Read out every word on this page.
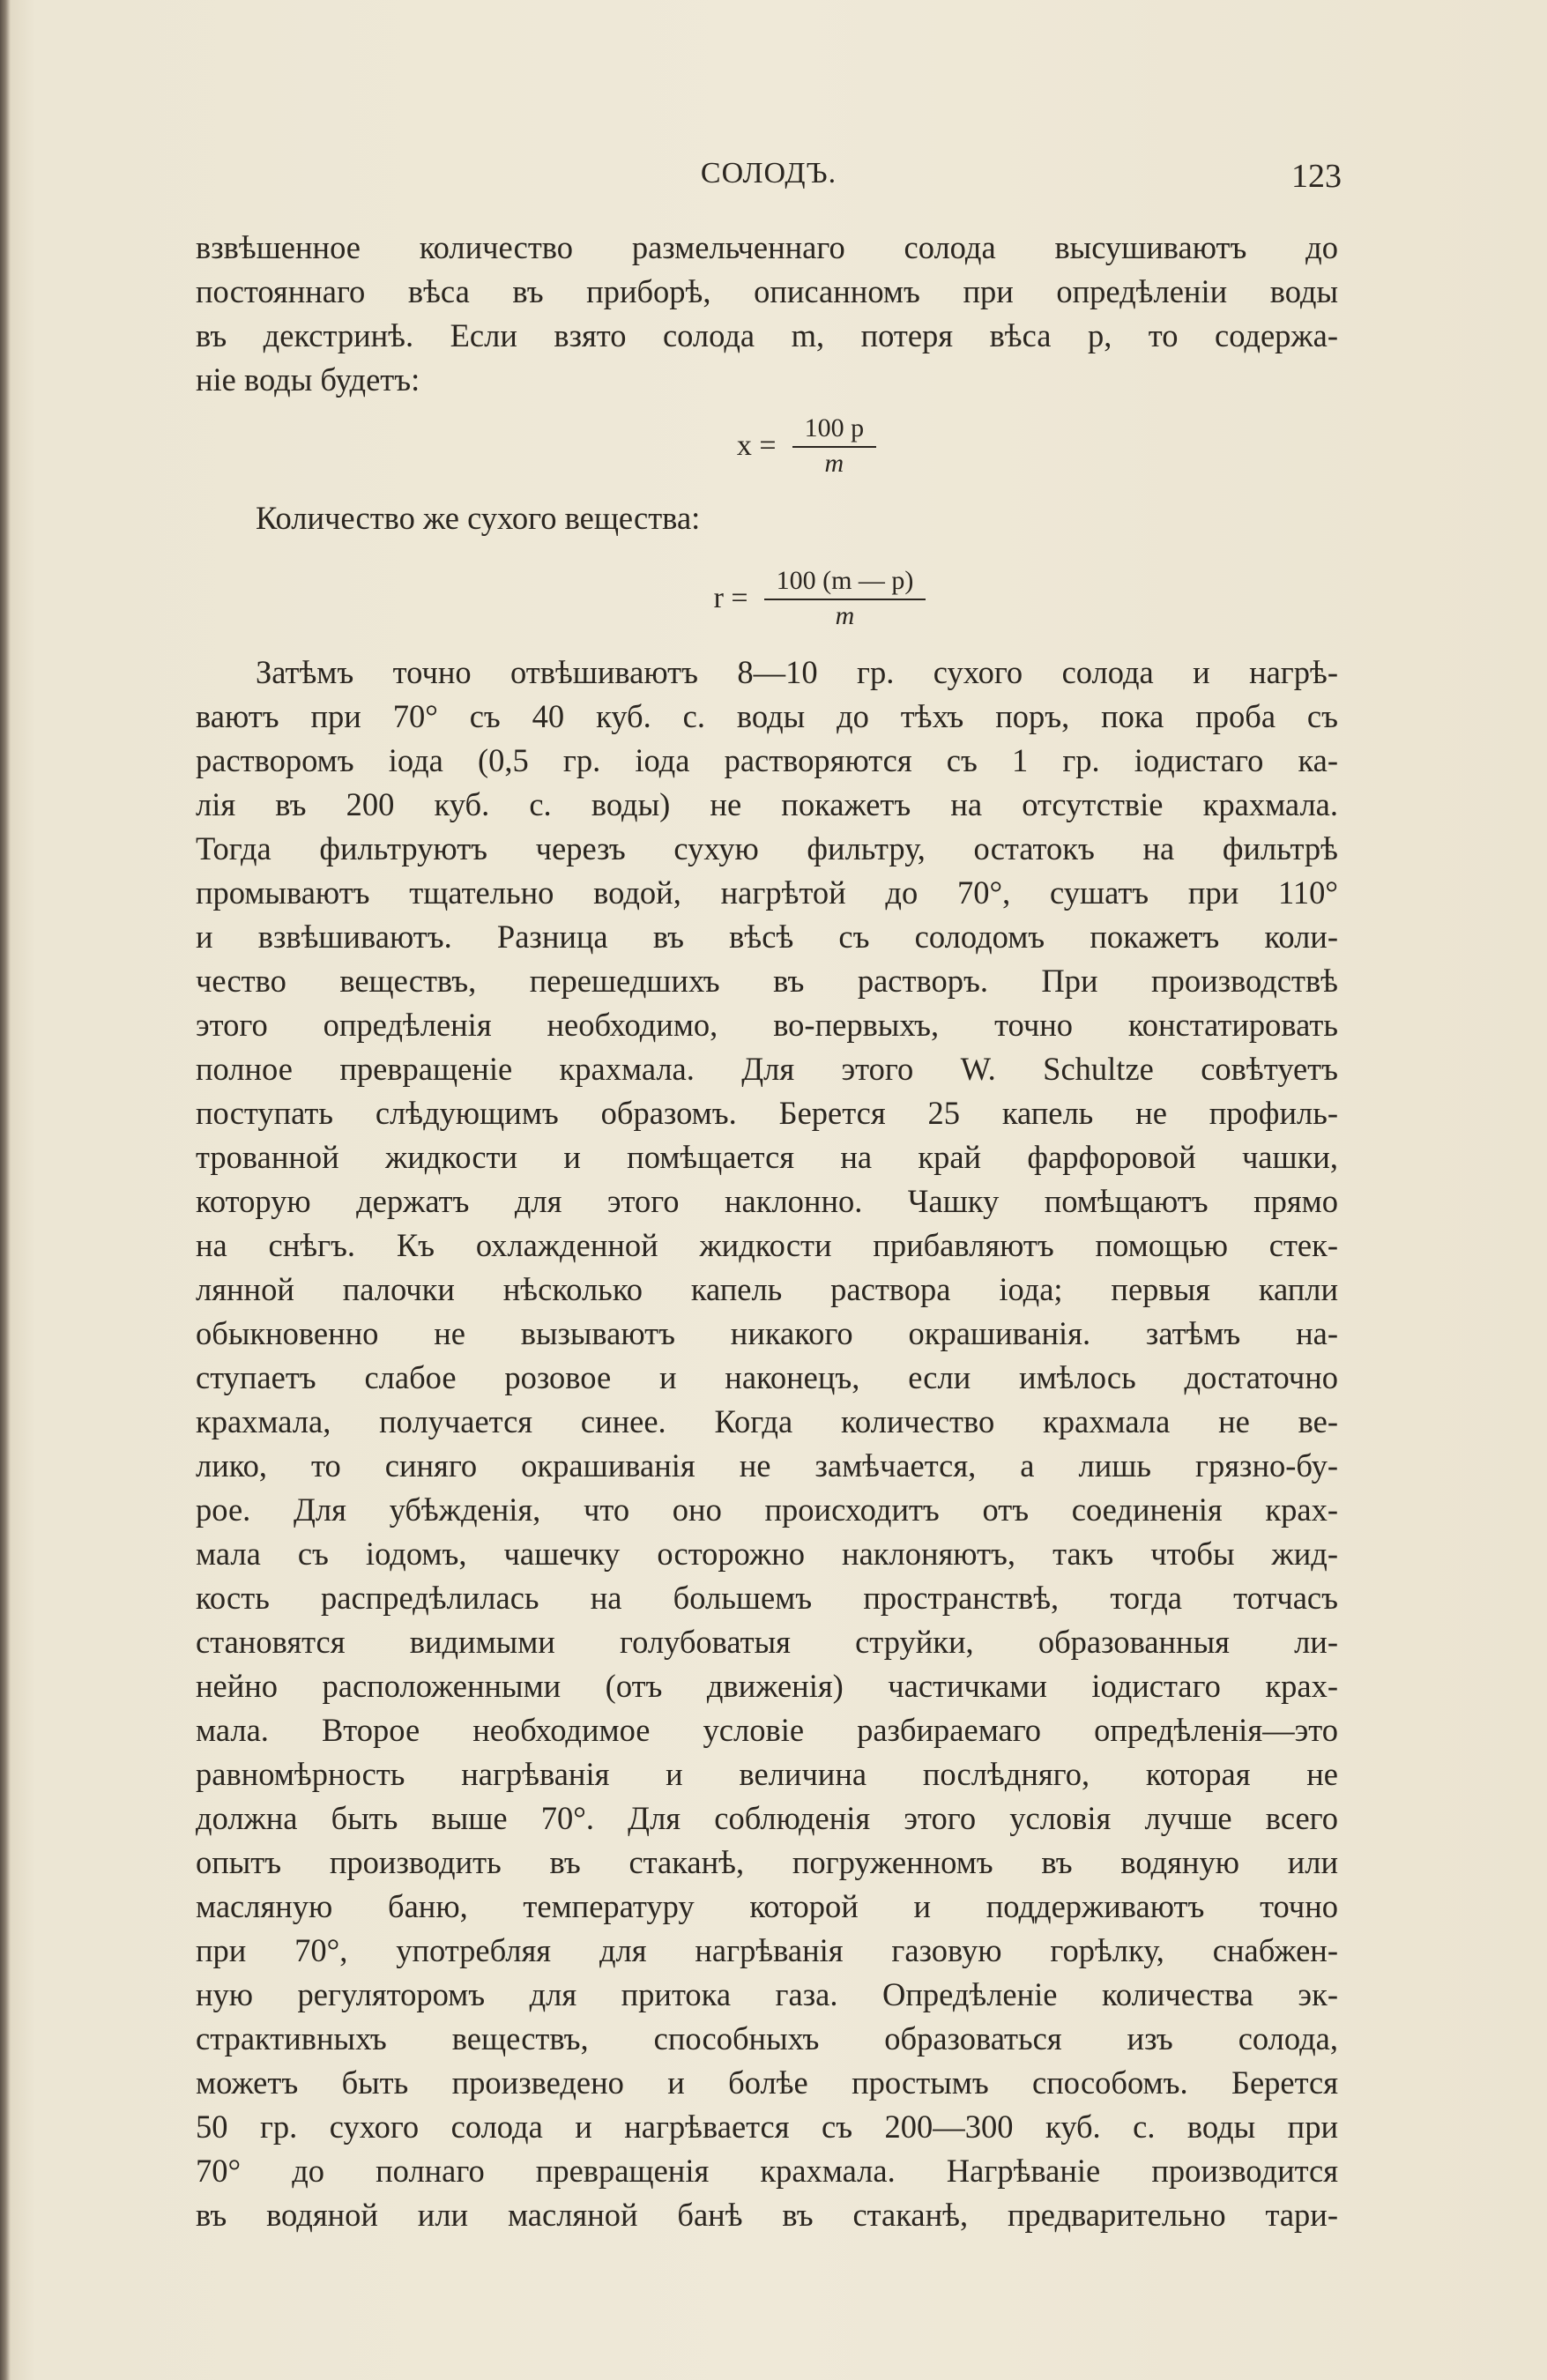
СОЛОДЪ.	123
взвѣшенное количество размельченнаго солода высушиваютъ до
постояннаго вѣса въ приборѣ, описанномъ при опредѣленіи воды
въ декстринѣ. Если взято солода m, потеря вѣса p, то содержа-
ніе воды будетъ:
$x = \frac{100 p}{m}$
Количество же сухого вещества:
$r = \frac{100 (m — p)}{m}$
Затѣмъ точно отвѣшиваютъ 8—10 гр. сухого солода и нагрѣ-
ваютъ при 70° съ 40 куб. с. воды до тѣхъ поръ, пока проба съ
растворомъ іода (0,5 гр. іода растворяются съ 1 гр. іодистаго ка-
лія въ 200 куб. с. воды) не покажетъ на отсутствіе крахмала.
Тогда фильтруютъ черезъ сухую фильтру, остатокъ на фильтрѣ
промываютъ тщательно водой, нагрѣтой до 70°, сушатъ при 110°
и взвѣшиваютъ. Разница въ вѣсѣ съ солодомъ покажетъ коли-
чество веществъ, перешедшихъ въ растворъ. При производствѣ
этого опредѣленія необходимо, во-первыхъ, точно констатировать
полное превращеніе крахмала. Для этого W. Schultze совѣтуетъ
поступать слѣдующимъ образомъ. Берется 25 капель не профиль-
трованной жидкости и помѣщается на край фарфоровой чашки,
которую держатъ для этого наклонно. Чашку помѣщаютъ прямо
на снѣгъ. Къ охлажденной жидкости прибавляютъ помощью стек-
лянной палочки нѣсколько капель раствора іода; первыя капли
обыкновенно не вызываютъ никакого окрашиванія. затѣмъ на-
ступаетъ слабое розовое и наконецъ, если имѣлось достаточно
крахмала, получается синее. Когда количество крахмала не ве-
лико, то синяго окрашиванія не замѣчается, а лишь грязно-бу-
рое. Для убѣжденія, что оно происходитъ отъ соединенія крах-
мала съ іодомъ, чашечку осторожно наклоняютъ, такъ чтобы жид-
кость распредѣлилась на большемъ пространствѣ, тогда тотчасъ
становятся видимыми голубоватыя струйки, образованныя ли-
нейно расположенными (отъ движенія) частичками іодистаго крах-
мала. Второе необходимое условіе разбираемаго опредѣленія—это
равномѣрность нагрѣванія и величина послѣдняго, которая не
должна быть выше 70°. Для соблюденія этого условія лучше всего
опытъ производить въ стаканѣ, погруженномъ въ водяную или
масляную баню, температуру которой и поддерживаютъ точно
при 70°, употребляя для нагрѣванія газовую горѣлку, снабжен-
ную регуляторомъ для притока газа. Опредѣленіе количества эк-
страктивныхъ веществъ, способныхъ образоваться изъ солода,
можетъ быть произведено и болѣе простымъ способомъ. Берется
50 гр. сухого солода и нагрѣвается съ 200—300 куб. с. воды при
70° до полнаго превращенія крахмала. Нагрѣваніе производится
въ водяной или масляной банѣ въ стаканѣ, предварительно тари-
